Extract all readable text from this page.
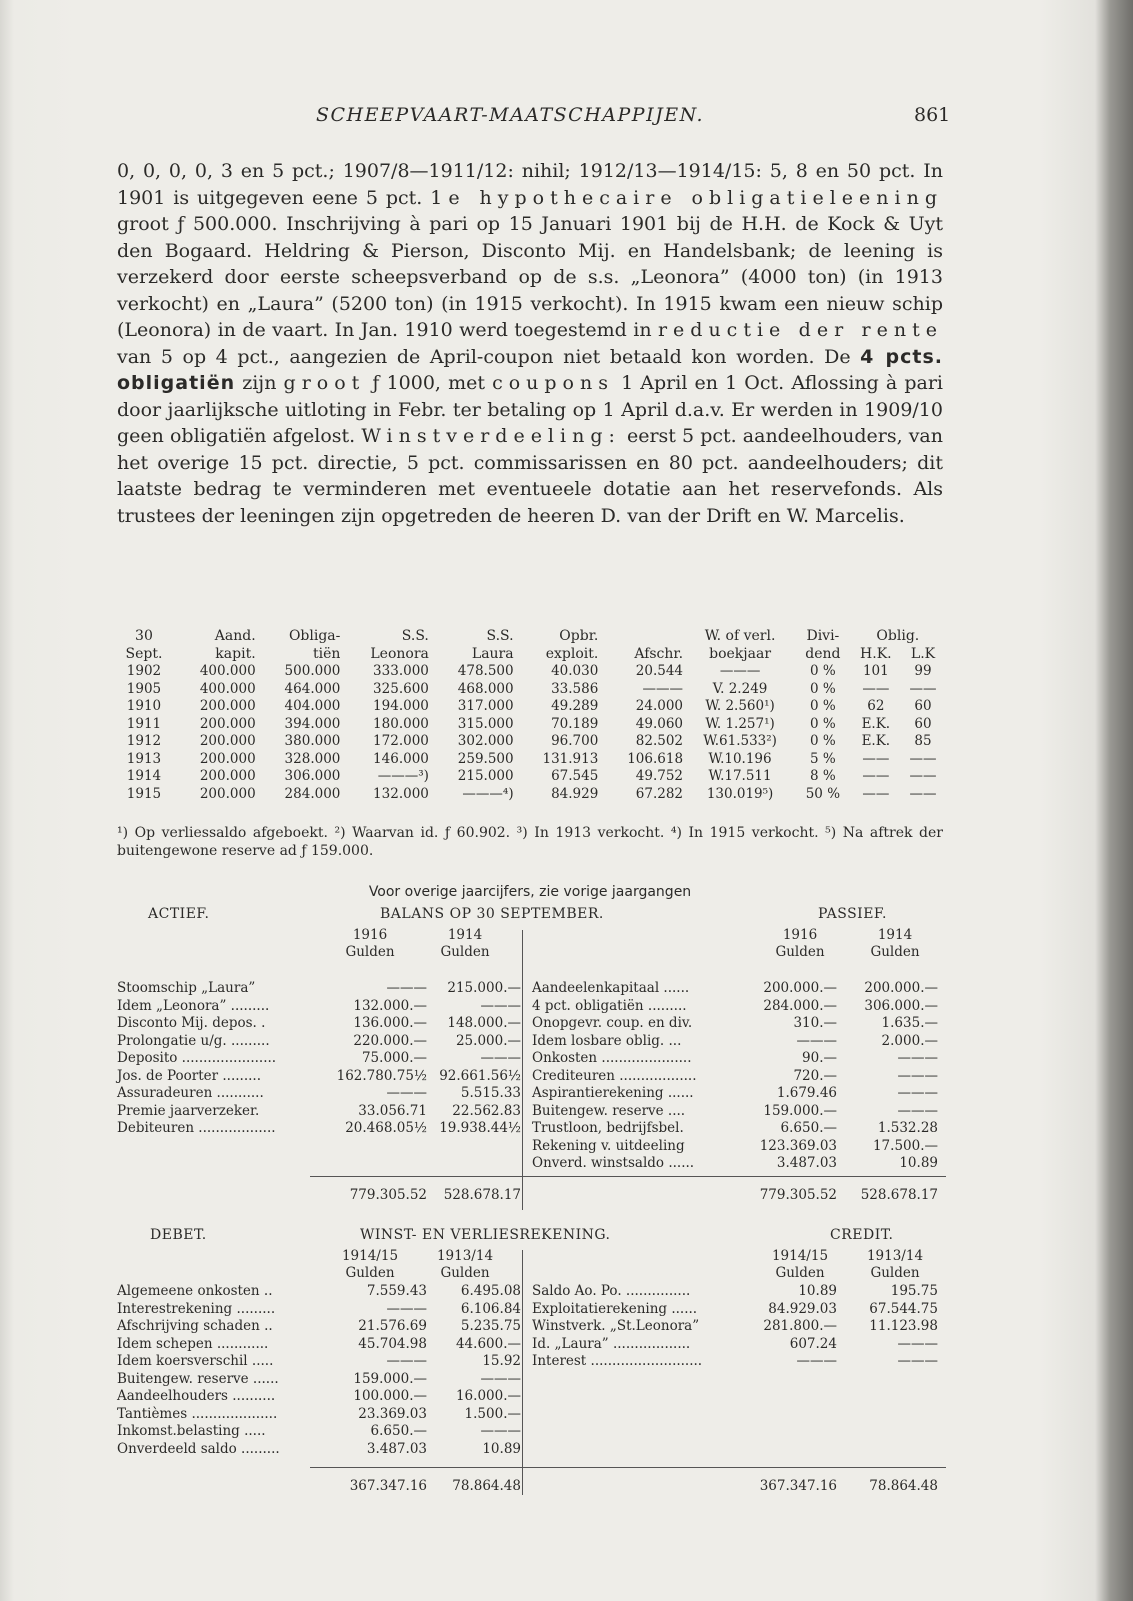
SCHEEPVAART-MAATSCHAPPIJEN.	861

0, 0, 0, 0, 3 en 5 pct.; 1907/8—1911/12: nihil; 1912/13—1914/15: 5, 8 en 50 pct. In 1901 is uitgegeven eene 5 pct. 1e hypothecaire obligatieleening groot ƒ 500.000. Inschrijving à pari op 15 Januari 1901 bij de H.H. de Kock & Uyt den Bogaard. Heldring & Pierson, Disconto Mij. en Handelsbank; de leening is verzekerd door eerste scheepsverband op de s.s. „Leonora” (4000 ton) (in 1913 verkocht) en „Laura” (5200 ton) (in 1915 verkocht). In 1915 kwam een nieuw schip (Leonora) in de vaart. In Jan. 1910 werd toegestemd in reductie der rente van 5 op 4 pct., aangezien de April-coupon niet betaald kon worden. De 4 pcts. obligatiën zijn groot ƒ 1000, met coupons 1 April en 1 Oct. Aflossing à pari door jaarlijksche uitloting in Febr. ter betaling op 1 April d.a.v. Er werden in 1909/10 geen obligatiën afgelost. Winstverdeeling: eerst 5 pct. aandeelhouders, van het overige 15 pct. directie, 5 pct. commissarissen en 80 pct. aandeelhouders; dit laatste bedrag te verminderen met eventueele dotatie aan het reservefonds. Als trustees der leeningen zijn opgetreden de heeren D. van der Drift en W. Marcelis.

30	Aand.	Obliga-	S.S.	S.S.	Opbr.		W. of verl.	Divi-	Oblig.	
Sept.	kapit.	tiën	Leonora	Laura	exploit.	Afschr.	boekjaar	dend	H.K.	L.K
1902	400.000	500.000	333.000	478.500	40.030	20.544	———	0 %	101	99
1905	400.000	464.000	325.600	468.000	33.586	———	V. 2.249	0 %	——	——
1910	200.000	404.000	194.000	317.000	49.289	24.000	W. 2.560¹)	0 %	62	60
1911	200.000	394.000	180.000	315.000	70.189	49.060	W. 1.257¹)	0 %	E.K.	60
1912	200.000	380.000	172.000	302.000	96.700	82.502	W.61.533²)	0 %	E.K.	85
1913	200.000	328.000	146.000	259.500	131.913	106.618	W.10.196	5 %	——	——
1914	200.000	306.000	———³)	215.000	67.545	49.752	W.17.511	8 %	——	——
1915	200.000	284.000	132.000	———⁴)	84.929	67.282	130.019⁵)	50 %	——	——

¹) Op verliessaldo afgeboekt. ²) Waarvan id. ƒ 60.902. ³) In 1913 verkocht. ⁴) In 1915 verkocht. ⁵) Na aftrek der buitengewone reserve ad ƒ 159.000.

Voor overige jaarcijfers, zie vorige jaargangen
ACTIEF.	BALANS OP 30 SEPTEMBER.	PASSIEF.
1916
Gulden
1914
Gulden
1916
Gulden
1914
Gulden
Stoomschip „Laura”	——— 215.000.—
Idem „Leonora” .........	132.000.—	———
Disconto Mij. depos. .	136.000.— 148.000.—
Prolongatie u/g. .........	220.000.— 25.000.—
Deposito ......................	75.000.—	———
Jos. de Poorter .........	162.780.75½ 92.661.56½
Assuradeuren ...........	———	5.515.33
Premie jaarverzeker.	33.056.71 22.562.83
Debiteuren ..................	20.468.05½ 19.938.44½
Aandeelenkapitaal ......	200.000.— 200.000.—
4 pct. obligatiën .........	284.000.— 306.000.—
Onopgevr. coup. en div.	310.—	1.635.—
Idem losbare oblig. ...	———	2.000.—
Onkosten .....................	90.—	———
Crediteuren ..................	720.—	———
Aspirantierekening ......	1.679.46	———
Buitengew. reserve ....	159.000.—	———
Trustloon, bedrijfsbel.	6.650.—	1.532.28
Rekening v. uitdeeling	123.369.03	17.500.—
Onverd. winstsaldo ......	3.487.03	10.89
779.305.52 528.678.17	779.305.52 528.678.17
DEBET.	WINST- EN VERLIESREKENING.	CREDIT.
1914/15
Gulden
1913/14
Gulden
1914/15
Gulden
1913/14
Gulden
Algemeene onkosten ..	7.559.43	6.495.08
Interestrekening .........	———	6.106.84
Afschrijving schaden ..	21.576.69	5.235.75
Idem schepen ............	45.704.98 44.600.—
Idem koersverschil .....	———	15.92
Buitengew. reserve ......	159.000.—	———
Aandeelhouders ..........	100.000.— 16.000.—
Tantièmes ....................	23.369.03	1.500.—
Inkomst.belasting .....	6.650.—	———
Onverdeeld saldo .........	3.487.03	10.89
Saldo Ao. Po. ...............	10.89	195.75
Exploitatierekening ......	84.929.03 67.544.75
Winstverk. „St.Leonora”	281.800.— 11.123.98
Id. „Laura” ..................	607.24	———
Interest ..........................	———	———
367.347.16 78.864.48	367.347.16 78.864.48
